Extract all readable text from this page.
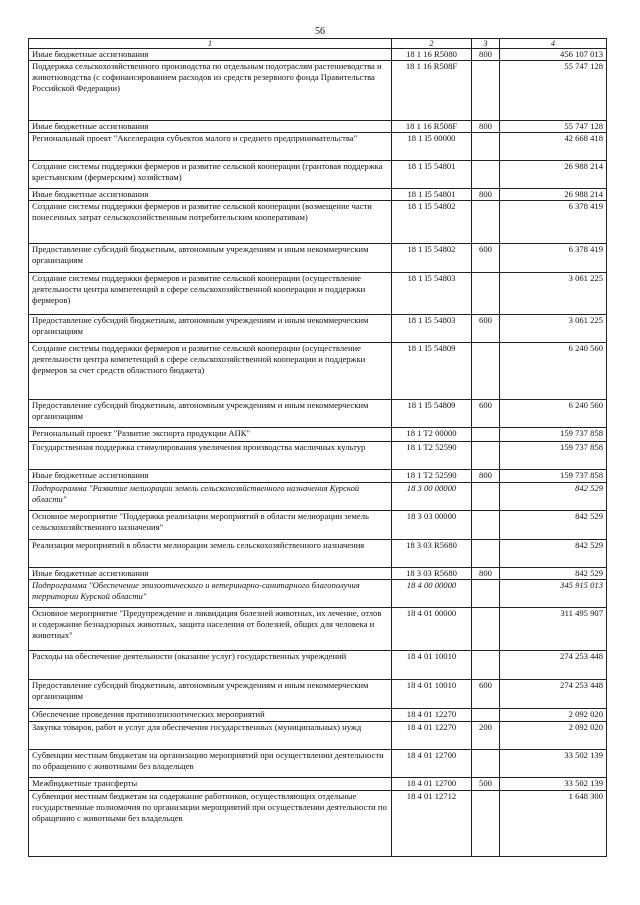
56
1	2	3	4
Иные бюджетные ассигнования	18 1 16 R5080	800	456 107 013
Поддержка сельскохозяйственного производства по отдельным подотраслям растениеводства и животноводства (с софинансированием расходов из средств резервного фонда Правительства Российской Федерации)	18 1 16 R508F		55 747 128
Иные бюджетные ассигнования	18 1 16 R508F	800	55 747 128
Региональный проект "Акселерация субъектов малого и среднего предпринимательства"	18 1 I5 00000		42 668 418
Создание системы поддержки фермеров и развитие сельской кооперации (грантовая поддержка крестьянским (фермерским) хозяйствам)	18 1 I5 54801		26 988 214
Иные бюджетные ассигнования	18 1 I5 54801	800	26 988 214
Создание системы поддержки фермеров и развитие сельской кооперации (возмещение части понесенных затрат сельскохозяйственным потребительским кооперативам)	18 1 I5 54802		6 378 419
Предоставление субсидий бюджетным, автономным учреждениям и иным некоммерческим организациям	18 1 I5 54802	600	6 378 419
Создание системы поддержки фермеров и развитие сельской кооперации (осуществление деятельности центра компетенций в сфере сельскохозяйственной кооперации и поддержки фермеров)	18 1 I5 54803		3 061 225
Предоставление субсидий бюджетным, автономным учреждениям и иным некоммерческим организациям	18 1 I5 54803	600	3 061 225
Создание системы поддержки фермеров и развитие сельской кооперации (осуществление деятельности центра компетенций в сфере сельскохозяйственной кооперации и поддержки фермеров за счет средств областного бюджета)	18 1 I5 54809		6 240 560
Предоставление субсидий бюджетным, автономным учреждениям и иным некоммерческим организациям	18 1 I5 54809	600	6 240 560
Региональный проект "Развитие экспорта продукции АПК"	18 1 T2 00000		159 737 858
Государственная поддержка стимулирования увеличения производства масличных культур	18 1 T2 52590		159 737 858
Иные бюджетные ассигнования	18 1 T2 52590	800	159 737 858
Подпрограмма "Развитие мелиорации земель сельскохозяйственного назначения Курской области"	18 3 00 00000		842 529
Основное мероприятие "Поддержка реализации мероприятий в области мелиорации земель сельскохозяйственного назначения"	18 3 03 00000		842 529
Реализация мероприятий в области мелиорации земель сельскохозяйственного назначения	18 3 03 R5680		842 529
Иные бюджетные ассигнования	18 3 03 R5680	800	842 529
Подпрограмма "Обеспечение эпизоотического и ветеринарно-санитарного благополучия территории Курской области"	18 4 00 00000		345 915 013
Основное мероприятие "Предупреждение и ликвидация болезней животных, их лечение, отлов и содержание безнадзорных животных, защита населения от болезней, общих для человека и животных"	18 4 01 00000		311 495 907
Расходы на обеспечение деятельности (оказание услуг) государственных учреждений	18 4 01 10010		274 253 448
Предоставление субсидий бюджетным, автономным учреждениям и иным некоммерческим организациям	18 4 01 10010	600	274 253 448
Обеспечение проведения противоэпизоотических мероприятий	18 4 01 12270		2 092 020
Закупка товаров, работ и услуг для обеспечения государственных (муниципальных) нужд	18 4 01 12270	200	2 092 020
Субвенции местным бюджетам на организацию мероприятий при осуществлении деятельности по обращению с животными без владельцев	18 4 01 12700		33 502 139
Межбюджетные трансферты	18 4 01 12700	500	33 502 139
Субвенции местным бюджетам на содержание работников, осуществляющих отдельные государственные полномочия по организации мероприятий при осуществлении деятельности по обращению с животными без владельцев	18 4 01 12712		1 648 300
